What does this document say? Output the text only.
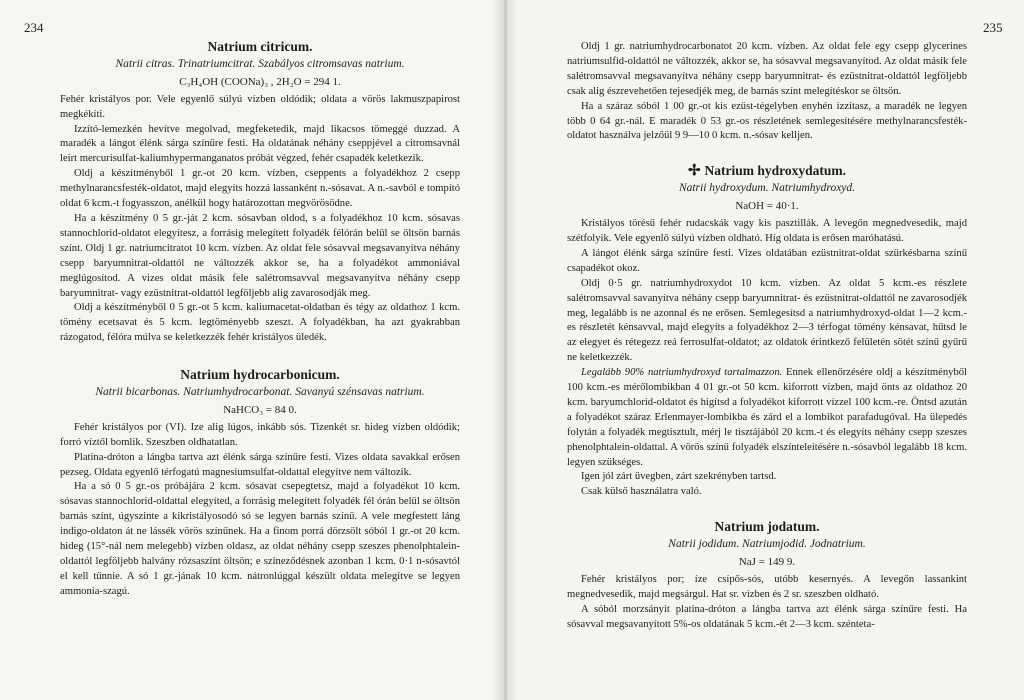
234
Natrium citricum.
Natrii citras. Trinatriumcitrat. Szabályos citromsavas natrium.
C₃H₄OH (COONa)₃ , 2H₂O = 294 1.

Fehér kristályos por. Vele egyenlő súlyú vízben oldódik; oldata a vörös lakmuszpapirost megkékíti.

Izzító-lemezkén hevítve megolvad, megfeketedik, majd likacsos tömeggé duzzad. A maradék a lángot élénk sárga színűre festi. Ha oldatának néhány cseppjével a citromsavnál leírt mercurisulfat-kaliumhypermanganatos próbát végzed, fehér csapadék keletkezik.

Oldj a készítményből 1 gr.-ot 20 kcm. vízben, cseppents a folyadékhoz 2 csepp methylnarancsfesték-oldatot, majd elegyíts hozzá lassanként n.-sósavat. A n.-savból e tompító oldat 6 kcm.-t fogyasszon, anélkül hogy határozottan megvörösödne.

Ha a készítmény 0 5 gr.-ját 2 kcm. sósavban oldod, s a folyadékhoz 10 kcm. sósavas stannochlorid-oldatot elegyítesz, a forrásig melegített folyadék félórán belül se öltsön barnás színt. Oldj 1 gr. natriumcitratot 10 kcm. vízben. Az oldat fele sósavval megsavanyítva néhány csepp baryumnitrat-oldattól ne változzék akkor se, ha a folyadékot ammoniával meglúgosítod. A vizes oldat másik fele salétromsavval megsavanyítva néhány csepp baryumnitrat- vagy ezüstnitrat-oldattól legföljebb alig zavarosodják meg.

Oldj a készítményből 0 5 gr.-ot 5 kcm. kaliumacetat-oldatban és tégy az oldathoz 1 kcm. tömény ecetsavat és 5 kcm. legtöményebb szeszt. A folyadékban, ha azt gyakrabban rázogatod, félóra múlva se keletkezzék fehér kristályos üledék.

Natrium hydrocarbonicum.
Natrii bicarbonas. Natriumhydrocarbonat. Savanyú szénsavas natrium.
NaHCO₃ = 84 0.

Fehér kristályos por (VI). Ize alig lúgos, inkább sós. Tizenkét sr. hideg vízben oldódik; forró víztől bomlik. Szeszben oldhatatlan.

Platina-dróton a lángba tartva azt élénk sárga színűre festi. Vizes oldata savakkal erősen pezseg. Oldata egyenlő térfogatú magnesiumsulfat-oldattal elegyítve nem változik.

Ha a só 0 5 gr.-os próbájára 2 kcm. sósavat csepegtetsz, majd a folyadékot 10 kcm. sósavas stannochlorid-oldattal elegyíted, a forrásig melegített folyadék fél órán belül se öltsön barnás színt, úgyszinte a kikristályosodó só se legyen barnás színű. A vele megfestett láng indigo-oldaton át ne lássék vörös színűnek. Ha a finom porrá dörzsölt sóból 1 gr.-ot 20 kcm. hideg (15°-nál nem melegebb) vízben oldasz, az oldat néhány csepp szeszes phenolphtalein-oldattól legföljebb halvány rózsaszínt öltsön; e színeződésnek azonban 1 kcm. 0·1 n-sósavtól el kell tűnnie. A só 1 gr.-jának 10 kcm. nátronlúggal készült oldata melegítve se legyen ammonia-szagú.

235

Oldj 1 gr. natriumhydrocarbonatot 20 kcm. vízben. Az oldat fele egy csepp glycerines natriumsulfid-oldattól ne változzék, akkor se, ha sósavval megsavanyítod. Az oldat másik fele salétromsavval megsavanyítva néhány csepp baryumnitrat- és ezüstnitrat-oldattól legföljebb csak alig észrevehetően tejesedjék meg, de barnás színt melegítéskor se öltsön.

Ha a száraz sóból 1 00 gr.-ot kis ezüst-tégelyben enyhén izzítasz, a maradék ne legyen több 0 64 gr.-nál. E maradék 0 53 gr.-os részletének semlegesítésére methylnarancsfesték-oldatot használva jelzőül 9 9—10 0 kcm. n.-sósav kelljen.

✢ Natrium hydroxydatum.
Natrii hydroxydum. Natriumhydroxyd.
NaOH = 40·1.

Kristályos törésű fehér rudacskák vagy kis pasztillák. A levegőn megnedvesedik, majd szétfolyik. Vele egyenlő súlyú vízben oldható. Híg oldata is erősen maróhatású.

A lángot élénk sárga színűre festi. Vizes oldatában ezüstnitrat-oldat szürkésbarna színű csapadékot okoz.

Oldj 0·5 gr. natriumhydroxydot 10 kcm. vízben. Az oldat 5 kcm.-es részlete salétromsavval savanyítva néhány csepp baryumnitrat- és ezüstnitrat-oldattól ne zavarosodjék meg, legalább is ne azonnal és ne erősen. Semlegesítsd a natriumhydroxyd-oldat 1—2 kcm.-es részletét kénsavval, majd elegyíts a folyadékhoz 2—3 térfogat tömény kénsavat, hűtsd le az elegyet és rétegezz reá ferrosulfat-oldatot; az oldatok érintkező felületén sötét színű gyűrű ne keletkezzék.

Legalább 90% natriumhydroxyd tartalmazzon. Ennek ellenőrzésére oldj a készítményből 100 kcm.-es mérőlombikban 4 01 gr.-ot 50 kcm. kiforrott vízben, majd önts az oldathoz 20 kcm. baryumchlorid-oldatot és higítsd a folyadékot kiforrott vízzel 100 kcm.-re. Öntsd azután a folyadékot száraz Erlenmayer-lombikba és zárd el a lombikot parafadugóval. Ha ülepedés folytán a folyadék megtisztult, mérj le tisztájából 20 kcm.-t és elegyíts néhány csepp szeszes phenolphtalein-oldattal. A vörös színű folyadék elszínteleítésére n.-sósavból legalább 18 kcm. legyen szükséges.

Igen jól zárt üvegben, zárt szekrényben tartsd.

Csak külső használatra való.

Natrium jodatum.
Natrii jodidum. Natriumjodid. Jodnatrium.
NaJ = 149 9.

Fehér kristályos por; íze csípős-sós, utóbb kesernyés. A levegőn lassankint megnedvesedik, majd megsárgul. Hat sr. vízben és 2 sr. szeszben oldható.

A sóból morzsányit platina-dróton a lángba tartva azt élénk sárga színűre festi. Ha sósavval megsavanyított 5%-os oldatának 5 kcm.-ét 2—3 kcm. szénteta-
